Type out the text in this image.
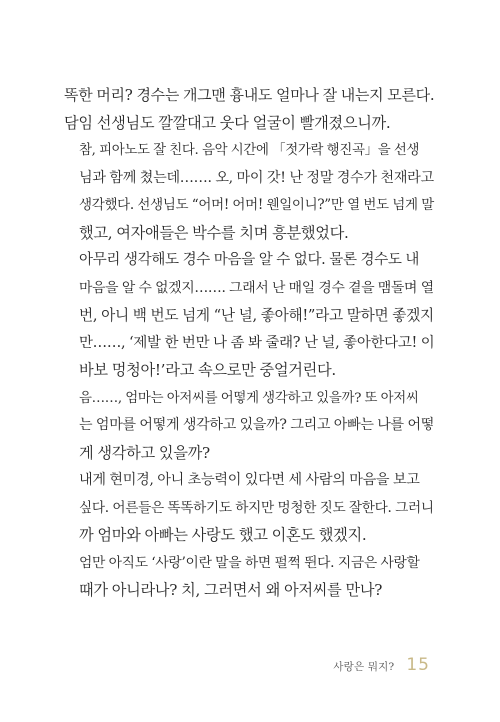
똑한 머리? 경수는 개그맨 흉내도 얼마나 잘 내는지 모른다.
담임 선생님도 깔깔대고 웃다 얼굴이 빨개졌으니까.

참, 피아노도 잘 친다. 음악 시간에 「젓가락 행진곡」을 선생
님과 함께 쳤는데……. 오, 마이 갓! 난 정말 경수가 천재라고
생각했다. 선생님도 “어머! 어머! 웬일이니?”만 열 번도 넘게 말
했고, 여자애들은 박수를 치며 흥분했었다.

아무리 생각해도 경수 마음을 알 수 없다. 물론 경수도 내
마음을 알 수 없겠지……. 그래서 난 매일 경수 곁을 맴돌며 열
번, 아니 백 번도 넘게 “난 널, 좋아해!”라고 말하면 좋겠지
만……, ‘제발 한 번만 나 좀 봐 줄래? 난 널, 좋아한다고! 이
바보 멍청아!’라고 속으로만 중얼거린다.

음……, 엄마는 아저씨를 어떻게 생각하고 있을까? 또 아저씨
는 엄마를 어떻게 생각하고 있을까? 그리고 아빠는 나를 어떻
게 생각하고 있을까?

내게 현미경, 아니 초능력이 있다면 세 사람의 마음을 보고
싶다. 어른들은 똑똑하기도 하지만 멍청한 짓도 잘한다. 그러니
까 엄마와 아빠는 사랑도 했고 이혼도 했겠지.

엄만 아직도 ‘사랑’이란 말을 하면 펄쩍 뛴다. 지금은 사랑할
때가 아니라나? 치, 그러면서 왜 아저씨를 만나?

사랑은 뭐지? 15
